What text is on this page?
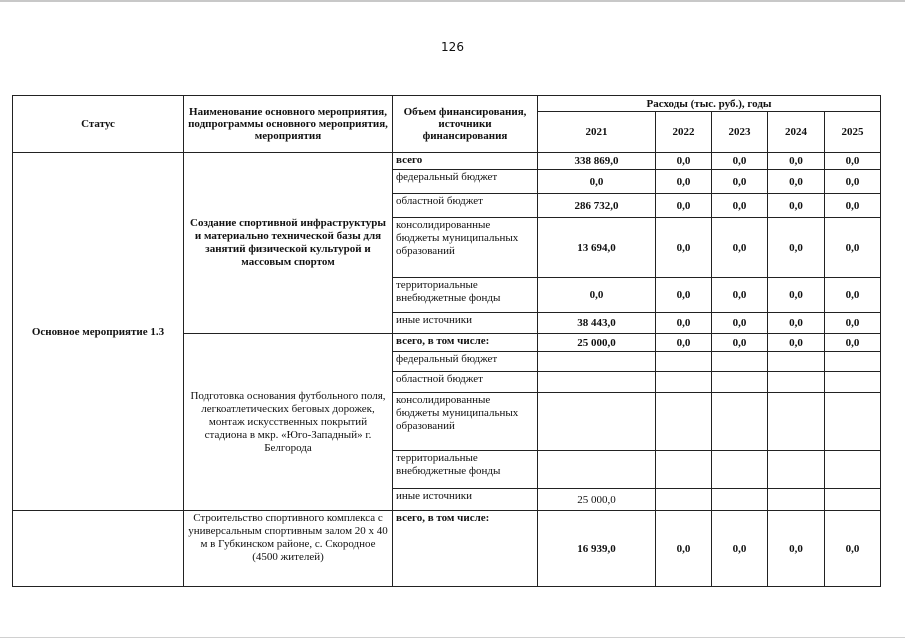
126
Статус	Наименование основного мероприятия, подпрограммы основного мероприятия, мероприятия	Объем финансирования, источники финансирования	Расходы (тыс. руб.), годы				
			2021	2022	2023	2024	2025
Основное мероприятие 1.3	Создание спортивной инфраструктуры и материально технической базы для занятий физической культурой и массовым спортом	всего	338 869,0	0,0	0,0	0,0	0,0
		федеральный бюджет	0,0	0,0	0,0	0,0	0,0
		областной бюджет	286 732,0	0,0	0,0	0,0	0,0
		консолидированные бюджеты муниципальных образований	13 694,0	0,0	0,0	0,0	0,0
		территориальные внебюджетные фонды	0,0	0,0	0,0	0,0	0,0
		иные источники	38 443,0	0,0	0,0	0,0	0,0
	Подготовка основания футбольного поля, легкоатлетических беговых дорожек, монтаж искусственных покрытий стадиона в мкр. «Юго-Западный» г. Белгорода	всего, в том числе:	25 000,0	0,0	0,0	0,0	0,0
		федеральный бюджет					
		областной бюджет					
		консолидированные бюджеты муниципальных образований					
		территориальные внебюджетные фонды					
		иные источники	25 000,0				
	Строительство спортивного комплекса с универсальным спортивным залом 20 х 40 м в Губкинском районе, с. Скородное (4500 жителей)	всего, в том числе:	16 939,0	0,0	0,0	0,0	0,0
